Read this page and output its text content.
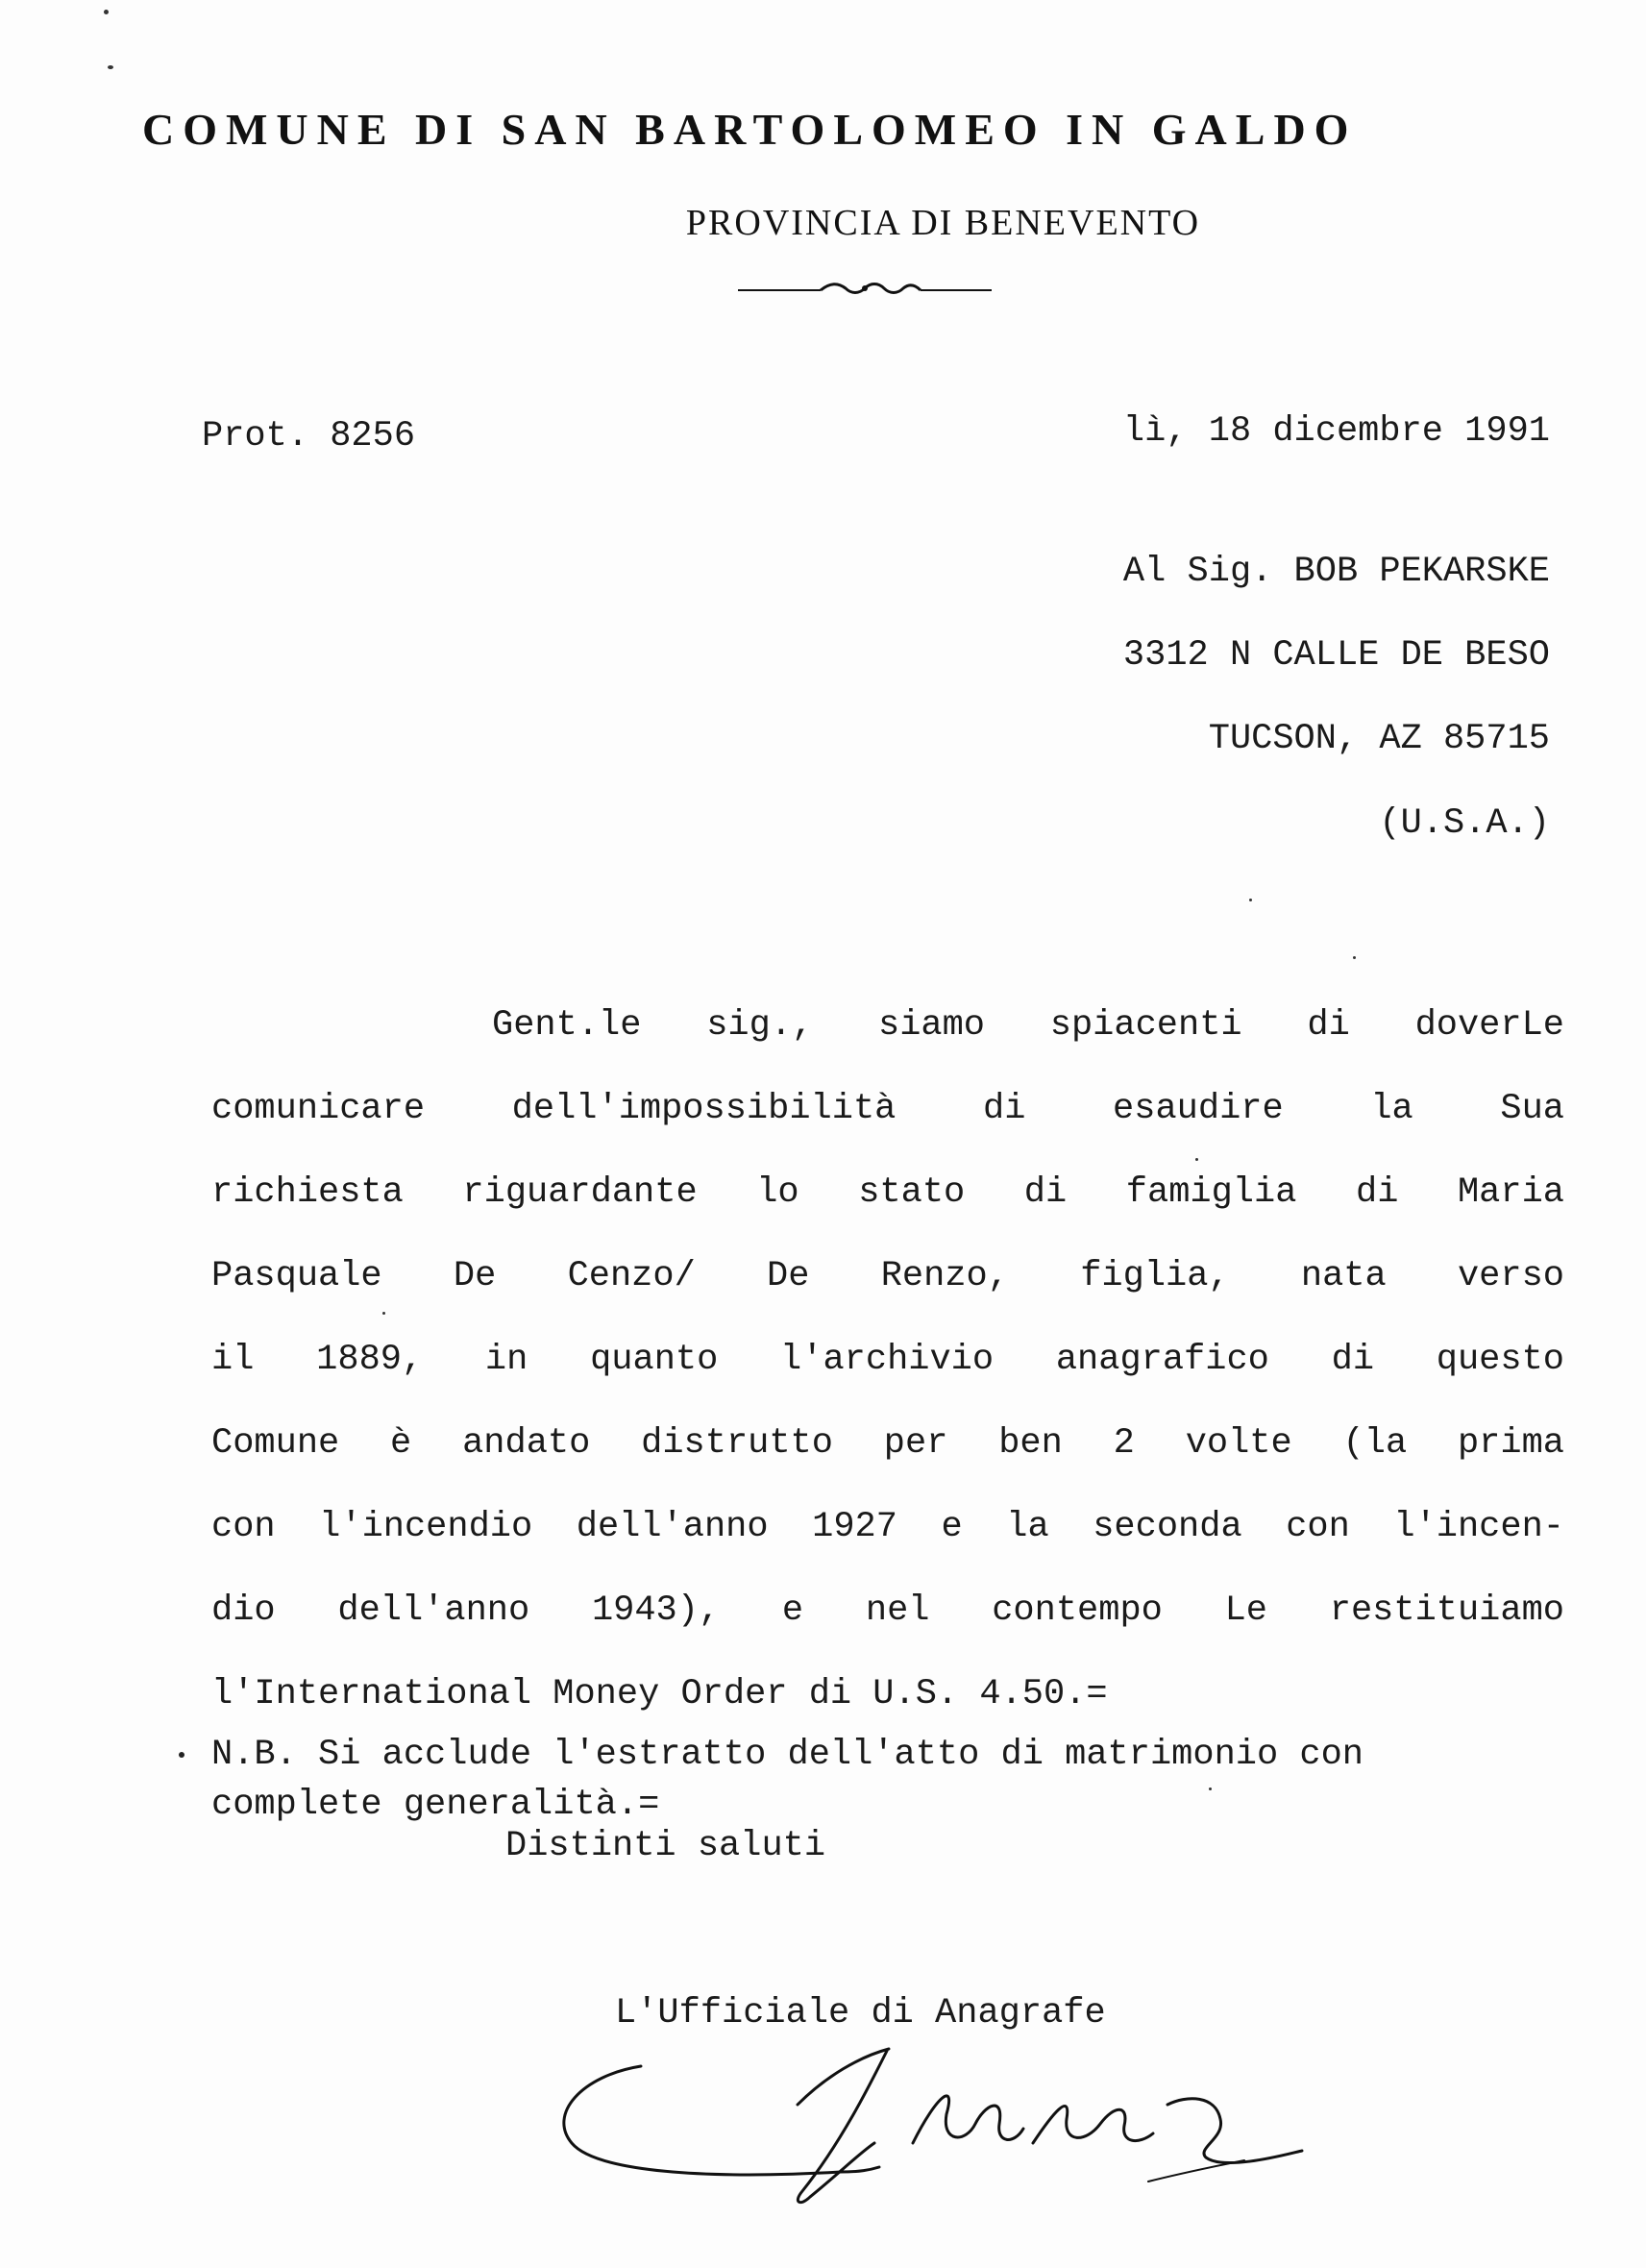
COMUNE DI SAN BARTOLOMEO IN GALDO
PROVINCIA DI BENEVENTO
Prot. 8256	lì, 18 dicembre 1991
Al Sig. BOB PEKARSKE
3312 N CALLE DE BESO
TUCSON, AZ 85715
(U.S.A.)
Gent.le sig., siamo spiacenti di doverLe
comunicare dell'impossibilità di esaudire la Sua
richiesta riguardante lo stato di famiglia di Maria
Pasquale De Cenzo/ De Renzo, figlia, nata verso
il 1889, in quanto l'archivio anagrafico di questo
Comune è andato distrutto per ben 2 volte (la prima
con l'incendio dell'anno 1927 e la seconda con l'incen-
dio dell'anno 1943), e nel contempo Le restituiamo
l'International Money Order di U.S. 4.50.=
N.B. Si acclude l'estratto dell'atto di matrimonio con
complete generalità.=
Distinti saluti
L'Ufficiale di Anagrafe
